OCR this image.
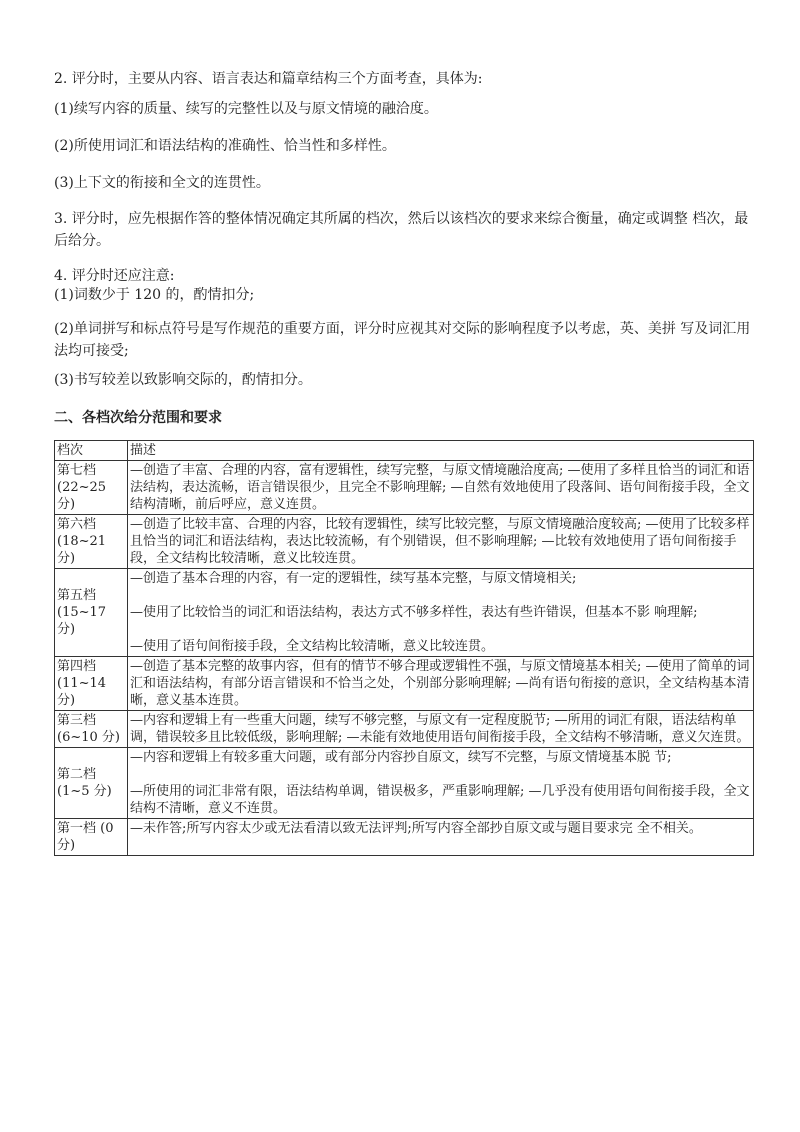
2. 评分时，主要从内容、语言表达和篇章结构三个方面考查，具体为:
(1)续写内容的质量、续写的完整性以及与原文情境的融洽度。
(2)所使用词汇和语法结构的准确性、恰当性和多样性。
(3)上下文的衔接和全文的连贯性。
3. 评分时，应先根据作答的整体情况确定其所属的档次，然后以该档次的要求来综合衡量，确定或调整 档次，最后给分。
4. 评分时还应注意:
(1)词数少于 120 的，酌情扣分;
(2)单词拼写和标点符号是写作规范的重要方面，评分时应视其对交际的影响程度予以考虑，英、美拼 写及词汇用法均可接受;
(3)书写较差以致影响交际的，酌情扣分。
二、各档次给分范围和要求
档次	描述
第七档
(22~25 分)	—创造了丰富、合理的内容，富有逻辑性，续写完整，与原文情境融洽度高; —使用了多样且恰当的词汇和语法结构，表达流畅，语言错误很少，且完全不影响理解; —自然有效地使用了段落间、语句间衔接手段，全文结构清晰，前后呼应，意义连贯。
第六档
(18~21 分)	—创造了比较丰富、合理的内容，比较有逻辑性，续写比较完整，与原文情境融洽度较高; —使用了比较多样且恰当的词汇和语法结构，表达比较流畅，有个别错误，但不影响理解; —比较有效地使用了语句间衔接手段，全文结构比较清晰，意义比较连贯。
第五档
(15~17 分)	—创造了基本合理的内容，有一定的逻辑性，续写基本完整，与原文情境相关;
—使用了比较恰当的词汇和语法结构，表达方式不够多样性，表达有些许错误，但基本不影 响理解;
—使用了语句间衔接手段，全文结构比较清晰，意义比较连贯。
第四档
(11~14 分)	—创造了基本完整的故事内容，但有的情节不够合理或逻辑性不强，与原文情境基本相关; —使用了简单的词汇和语法结构，有部分语言错误和不恰当之处，个别部分影响理解; —尚有语句衔接的意识，全文结构基本清晰，意义基本连贯。
第三档
(6~10 分)	—内容和逻辑上有一些重大问题，续写不够完整，与原文有一定程度脱节; —所用的词汇有限，语法结构单调，错误较多且比较低级，影响理解; —未能有效地使用语句间衔接手段，全文结构不够清晰，意义欠连贯。
第二档
(1~5 分)	—内容和逻辑上有较多重大问题，或有部分内容抄自原文，续写不完整，与原文情境基本脱 节;
—所使用的词汇非常有限，语法结构单调，错误极多，严重影响理解; —几乎没有使用语句间衔接手段，全文结构不清晰，意义不连贯。
第一档 (0 分)	—未作答;所写内容太少或无法看清以致无法评判;所写内容全部抄自原文或与题目要求完 全不相关。
